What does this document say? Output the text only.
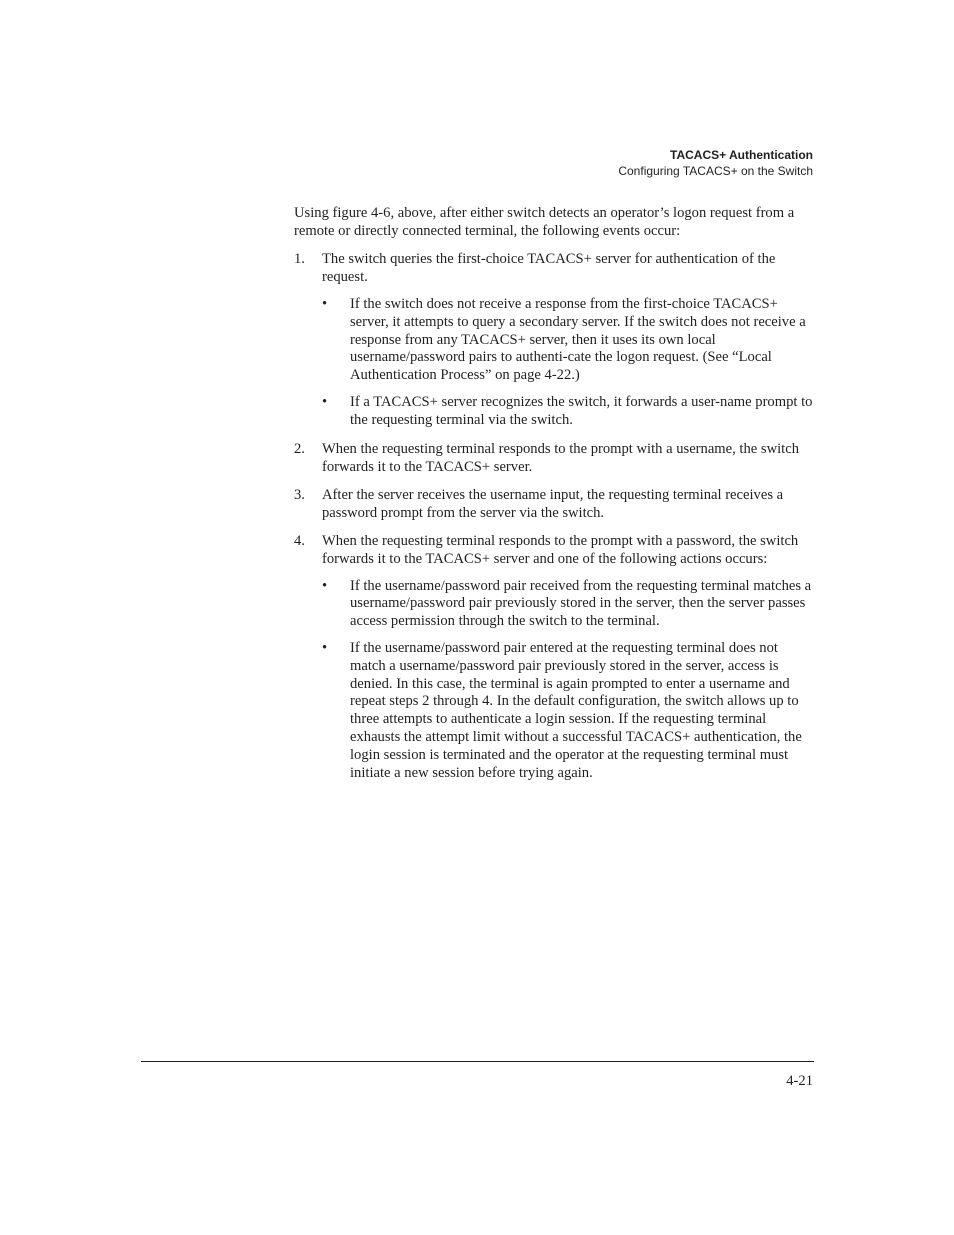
TACACS+ Authentication
Configuring TACACS+ on the Switch

Using figure 4-6, above, after either switch detects an operator’s logon request from a remote or directly connected terminal, the following events occur:

1. The switch queries the first-choice TACACS+ server for authentication of the request.
• If the switch does not receive a response from the first-choice TACACS+ server, it attempts to query a secondary server. If the switch does not receive a response from any TACACS+ server, then it uses its own local username/password pairs to authenti-cate the logon request. (See “Local Authentication Process” on page 4-22.)
• If a TACACS+ server recognizes the switch, it forwards a user-name prompt to the requesting terminal via the switch.
2. When the requesting terminal responds to the prompt with a username, the switch forwards it to the TACACS+ server.
3. After the server receives the username input, the requesting terminal receives a password prompt from the server via the switch.
4. When the requesting terminal responds to the prompt with a password, the switch forwards it to the TACACS+ server and one of the following actions occurs:
• If the username/password pair received from the requesting terminal matches a username/password pair previously stored in the server, then the server passes access permission through the switch to the terminal.
• If the username/password pair entered at the requesting terminal does not match a username/password pair previously stored in the server, access is denied. In this case, the terminal is again prompted to enter a username and repeat steps 2 through 4. In the default configuration, the switch allows up to three attempts to authenticate a login session. If the requesting terminal exhausts the attempt limit without a successful TACACS+ authentication, the login session is terminated and the operator at the requesting terminal must initiate a new session before trying again.
4-21
